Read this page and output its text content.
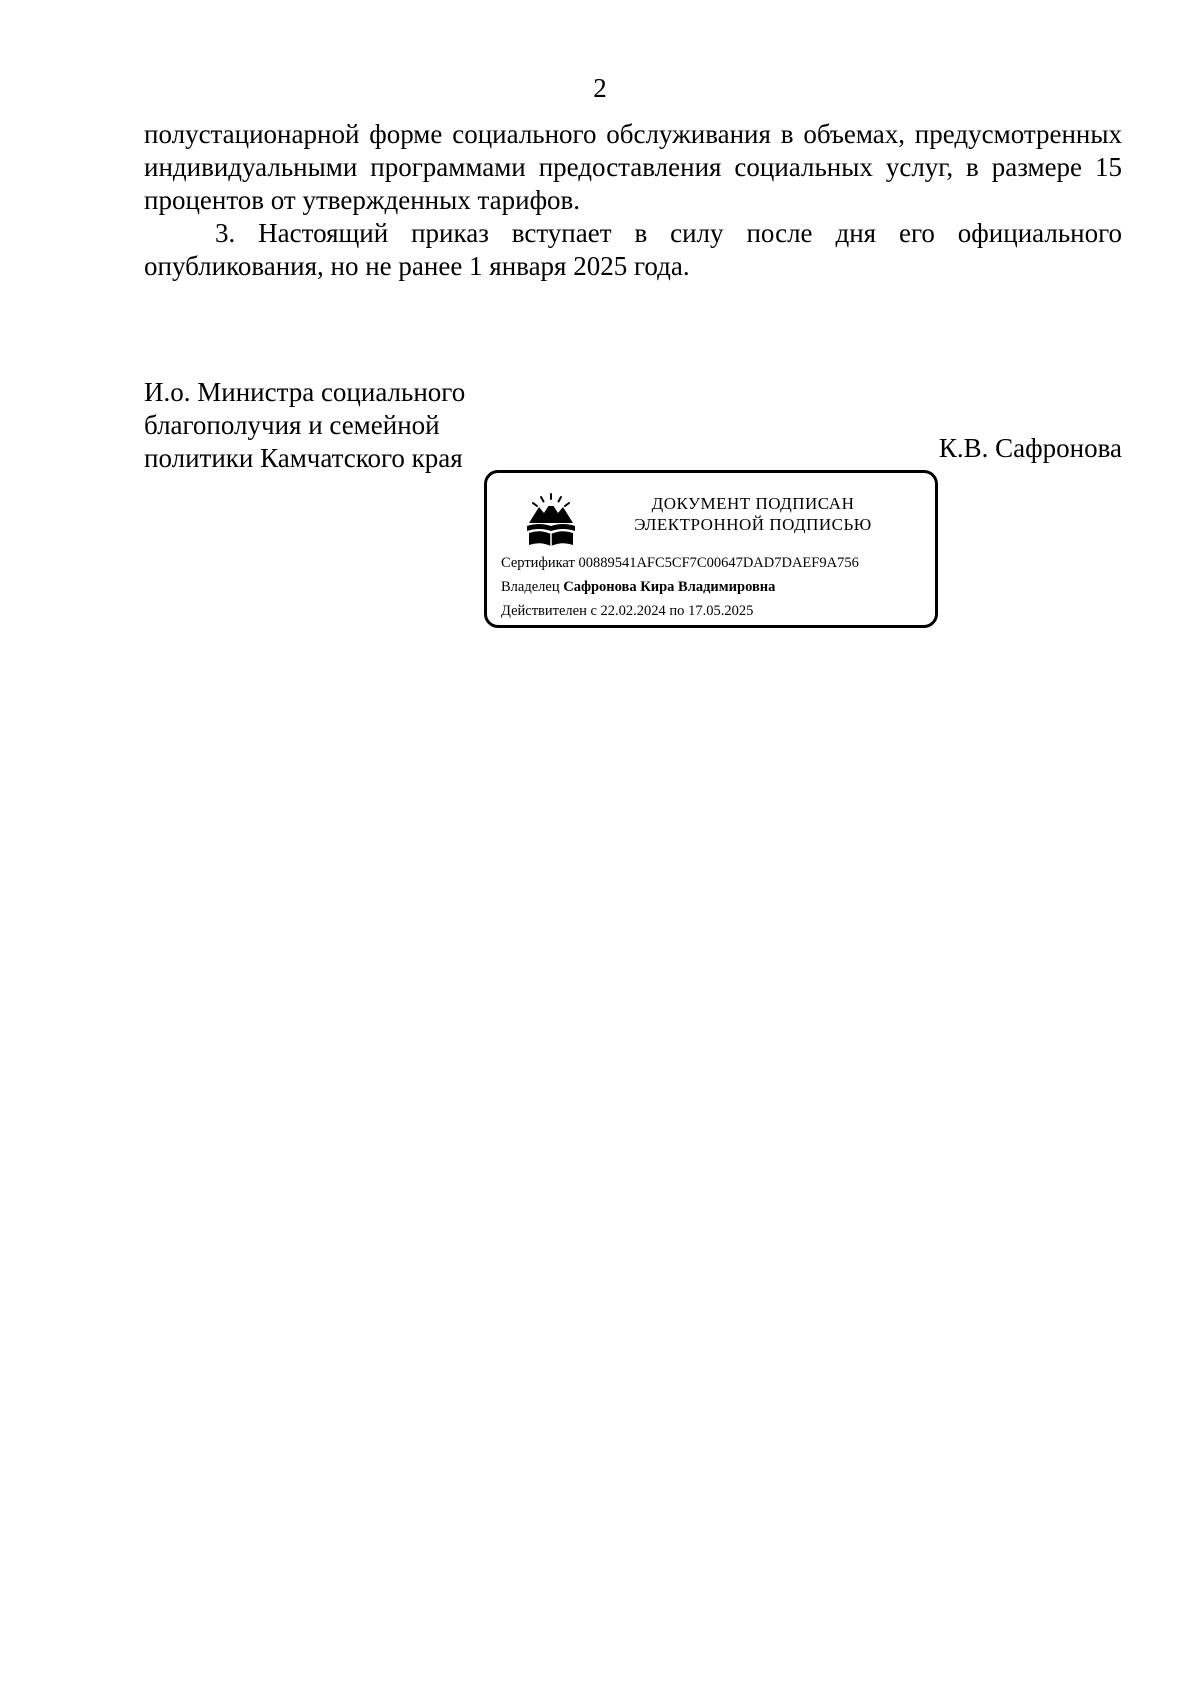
2

полустационарной форме социального обслуживания в объемах, предусмотренных индивидуальными программами предоставления социальных услуг, в размере 15 процентов от утвержденных тарифов.

3. Настоящий приказ вступает в силу после дня его официального опубликования, но не ранее 1 января 2025 года.

И.о. Министра социального
благополучия и семейной
политики Камчатского края	К.В. Сафронова
ДОКУМЕНТ ПОДПИСАН
ЭЛЕКТРОННОЙ ПОДПИСЬЮ
Сертификат 00889541AFC5CF7C00647DAD7DAEF9A756
Владелец Сафронова Кира Владимировна
Действителен с 22.02.2024 по 17.05.2025
